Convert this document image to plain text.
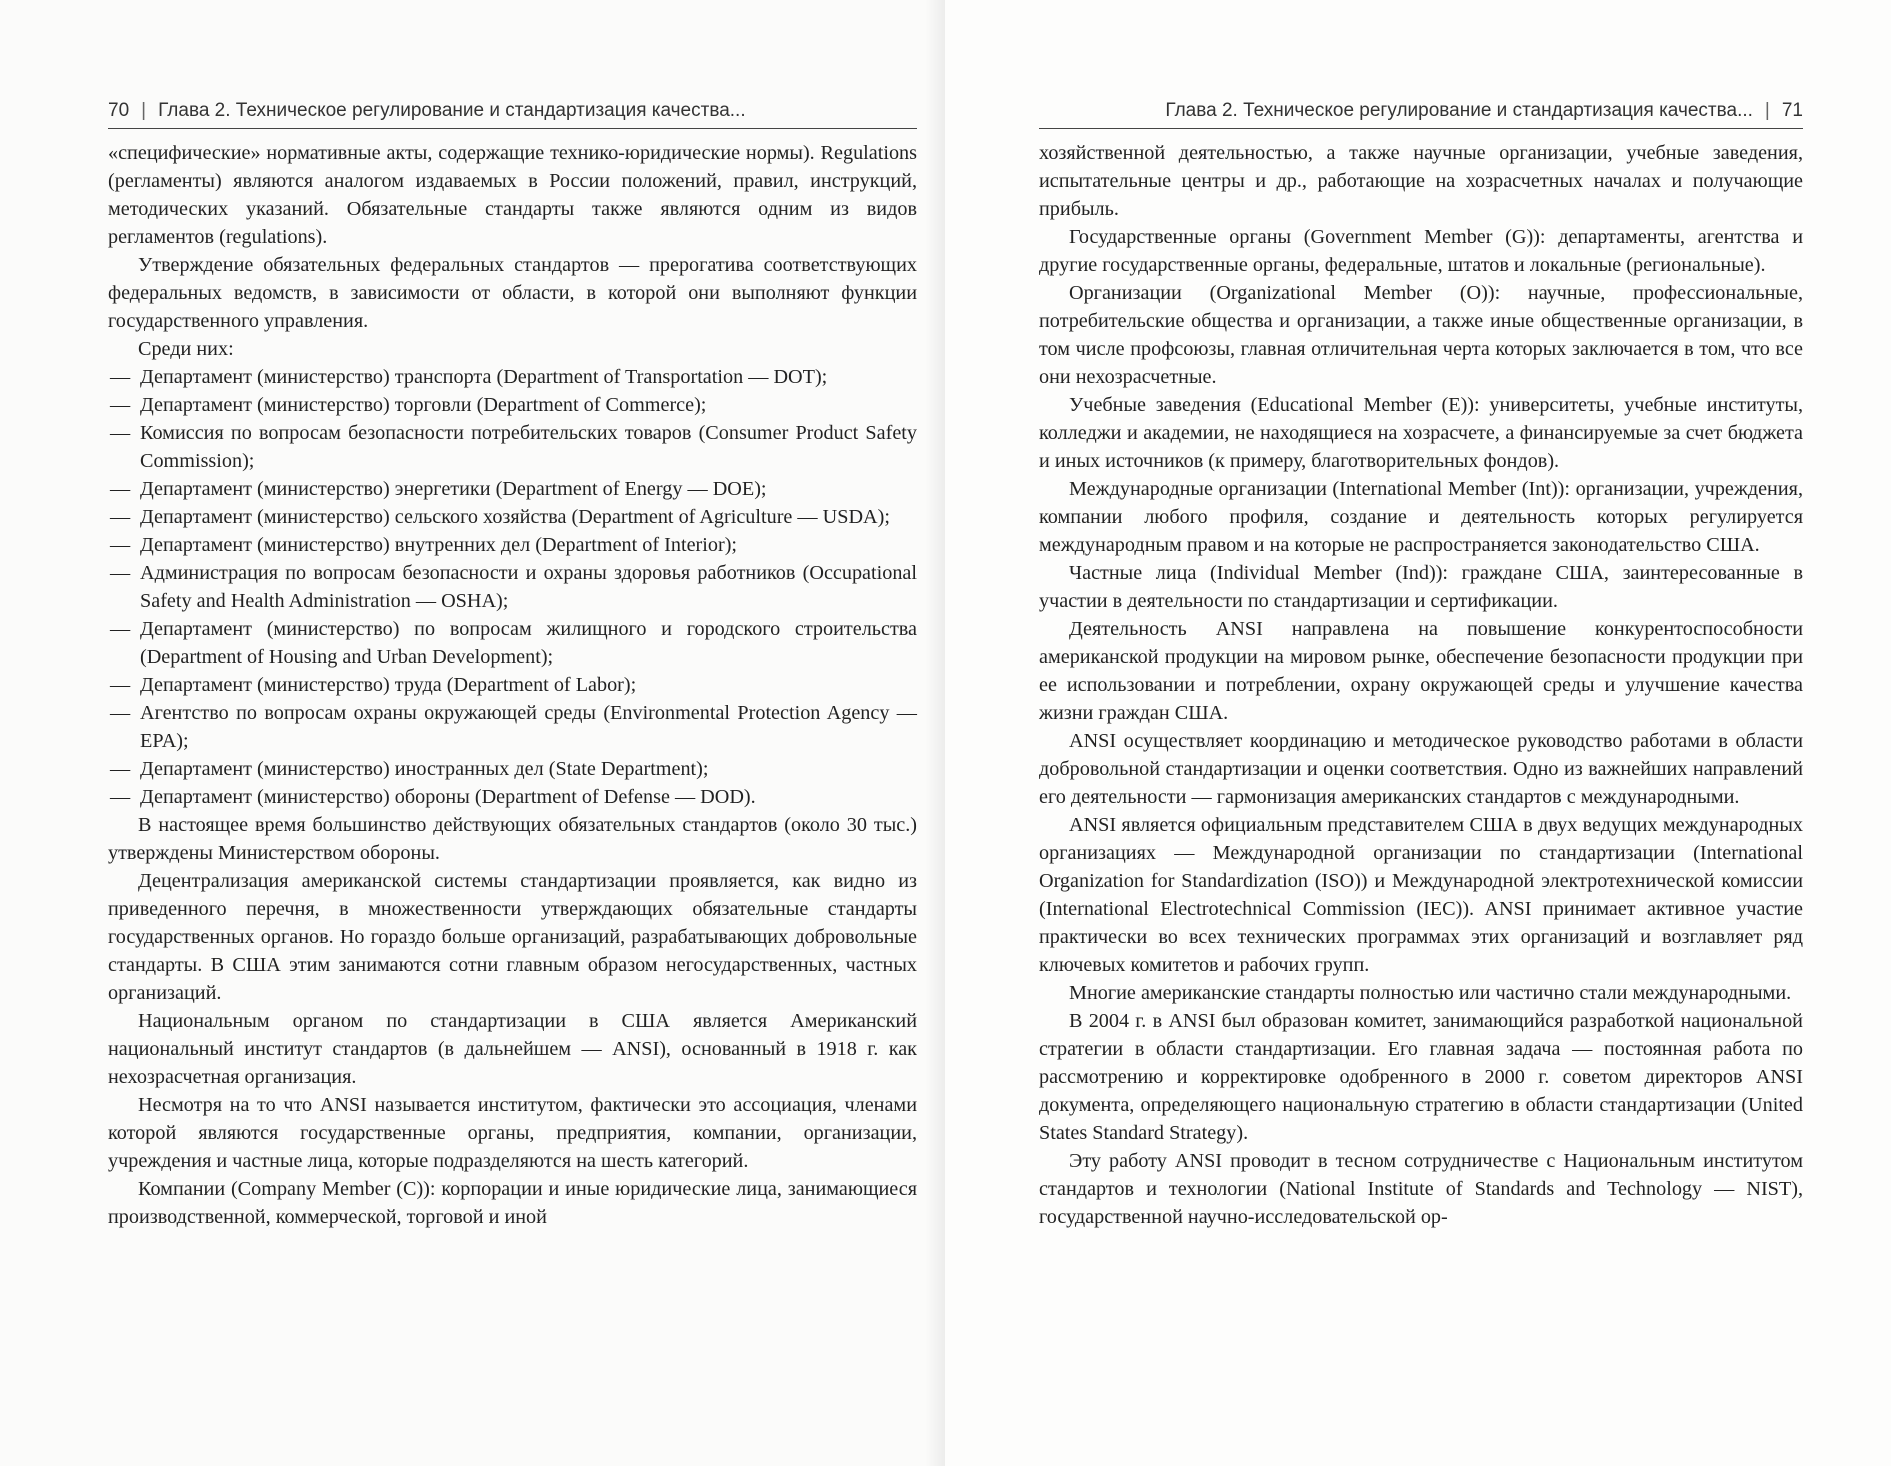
70 | Глава 2. Техническое регулирование и стандартизация качества...

«специфические» нормативные акты, содержащие технико-юридические нормы). Regulations (регламенты) являются аналогом издаваемых в России положений, правил, инструкций, методических указаний. Обязательные стандарты также являются одним из видов регламентов (regulations).

Утверждение обязательных федеральных стандартов — прерогатива соответствующих федеральных ведомств, в зависимости от области, в которой они выполняют функции государственного управления.

Среди них:

— Департамент (министерство) транспорта (Department of Transportation — DOT);
— Департамент (министерство) торговли (Department of Commerce);
— Комиссия по вопросам безопасности потребительских товаров (Consumer Product Safety Commission);
— Департамент (министерство) энергетики (Department of Energy — DOE);
— Департамент (министерство) сельского хозяйства (Department of Agriculture — USDA);
— Департамент (министерство) внутренних дел (Department of Interior);
— Администрация по вопросам безопасности и охраны здоровья работников (Occupational Safety and Health Administration — OSHA);
— Департамент (министерство) по вопросам жилищного и городского строительства (Department of Housing and Urban Development);
— Департамент (министерство) труда (Department of Labor);
— Агентство по вопросам охраны окружающей среды (Environmental Protection Agency — EPA);
— Департамент (министерство) иностранных дел (State Department);
— Департамент (министерство) обороны (Department of Defense — DOD).

В настоящее время большинство действующих обязательных стандартов (около 30 тыс.) утверждены Министерством обороны.

Децентрализация американской системы стандартизации проявляется, как видно из приведенного перечня, в множественности утверждающих обязательные стандарты государственных органов. Но гораздо больше организаций, разрабатывающих добровольные стандарты. В США этим занимаются сотни главным образом негосударственных, частных организаций.

Национальным органом по стандартизации в США является Американский национальный институт стандартов (в дальнейшем — ANSI), основанный в 1918 г. как нехозрасчетная организация.

Несмотря на то что ANSI называется институтом, фактически это ассоциация, членами которой являются государственные органы, предприятия, компании, организации, учреждения и частные лица, которые подразделяются на шесть категорий.

Компании (Company Member (C)): корпорации и иные юридические лица, занимающиеся производственной, коммерческой, торговой и иной

Глава 2. Техническое регулирование и стандартизация качества... | 71

хозяйственной деятельностью, а также научные организации, учебные заведения, испытательные центры и др., работающие на хозрасчетных началах и получающие прибыль.

Государственные органы (Government Member (G)): департаменты, агентства и другие государственные органы, федеральные, штатов и локальные (региональные).

Организации (Organizational Member (O)): научные, профессиональные, потребительские общества и организации, а также иные общественные организации, в том числе профсоюзы, главная отличительная черта которых заключается в том, что все они нехозрасчетные.

Учебные заведения (Educational Member (E)): университеты, учебные институты, колледжи и академии, не находящиеся на хозрасчете, а финансируемые за счет бюджета и иных источников (к примеру, благотворительных фондов).

Международные организации (International Member (Int)): организации, учреждения, компании любого профиля, создание и деятельность которых регулируется международным правом и на которые не распространяется законодательство США.

Частные лица (Individual Member (Ind)): граждане США, заинтересованные в участии в деятельности по стандартизации и сертификации.

Деятельность ANSI направлена на повышение конкурентоспособности американской продукции на мировом рынке, обеспечение безопасности продукции при ее использовании и потреблении, охрану окружающей среды и улучшение качества жизни граждан США.

ANSI осуществляет координацию и методическое руководство работами в области добровольной стандартизации и оценки соответствия. Одно из важнейших направлений его деятельности — гармонизация американских стандартов с международными.

ANSI является официальным представителем США в двух ведущих международных организациях — Международной организации по стандартизации (International Organization for Standardization (ISO)) и Международной электротехнической комиссии (International Electrotechnical Commission (IEC)). ANSI принимает активное участие практически во всех технических программах этих организаций и возглавляет ряд ключевых комитетов и рабочих групп.

Многие американские стандарты полностью или частично стали международными.

В 2004 г. в ANSI был образован комитет, занимающийся разработкой национальной стратегии в области стандартизации. Его главная задача — постоянная работа по рассмотрению и корректировке одобренного в 2000 г. советом директоров ANSI документа, определяющего национальную стратегию в области стандартизации (United States Standard Strategy).

Эту работу ANSI проводит в тесном сотрудничестве с Национальным институтом стандартов и технологии (National Institute of Standards and Technology — NIST), государственной научно-исследовательской ор-
